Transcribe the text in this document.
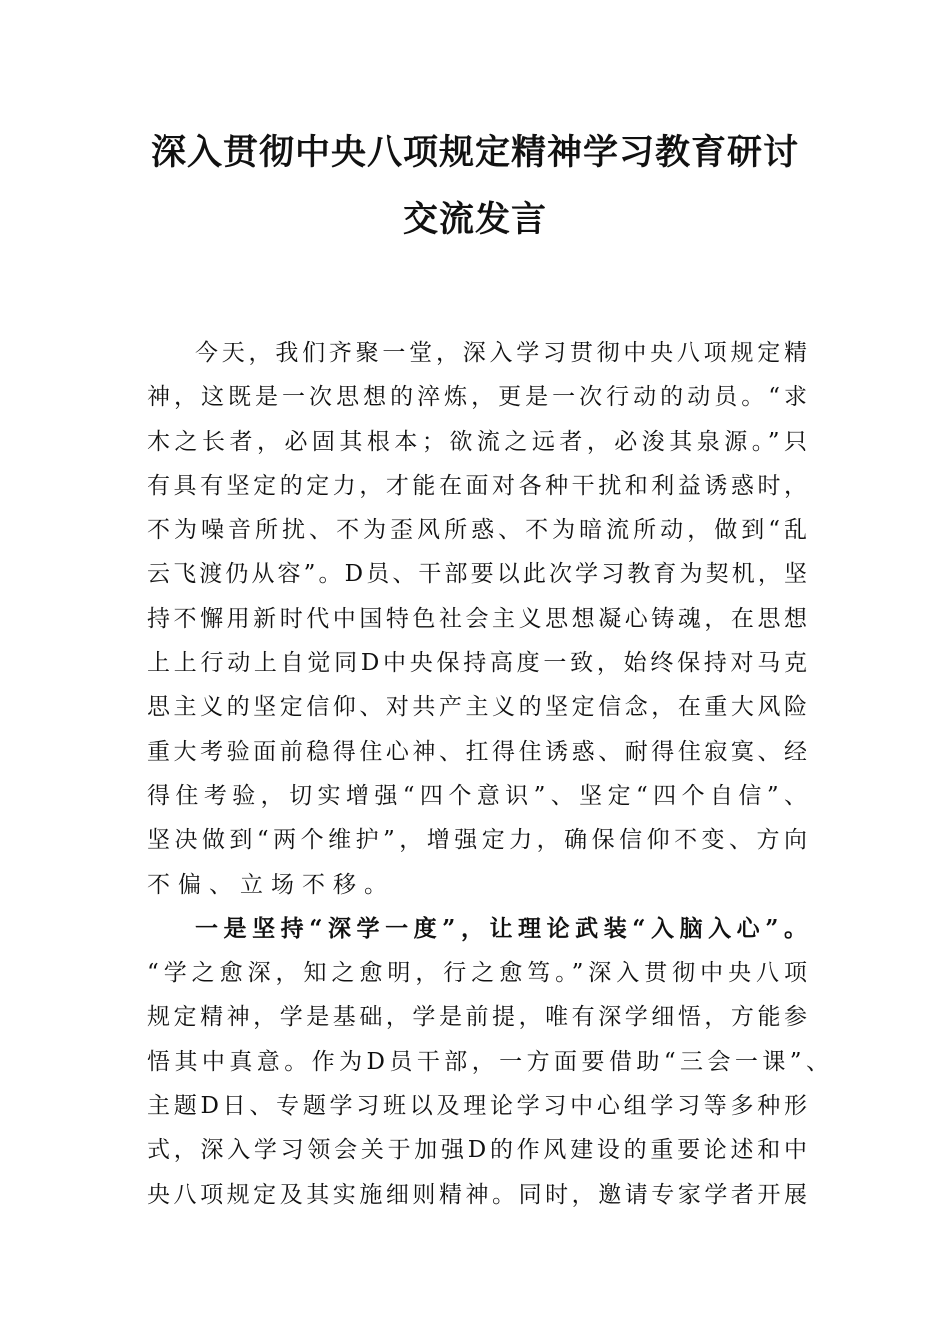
深入贯彻中央八项规定精神学习教育研讨
交流发言
今天，我们齐聚一堂，深入学习贯彻中央八项规定精
神，这既是一次思想的淬炼，更是一次行动的动员。“求
木之长者，必固其根本；欲流之远者，必浚其泉源。”只
有具有坚定的定力，才能在面对各种干扰和利益诱惑时，
不为噪音所扰、不为歪风所惑、不为暗流所动，做到“乱
云飞渡仍从容”。D员、干部要以此次学习教育为契机，坚
持不懈用新时代中国特色社会主义思想凝心铸魂，在思想
上上行动上自觉同D中央保持高度一致，始终保持对马克
思主义的坚定信仰、对共产主义的坚定信念，在重大风险
重大考验面前稳得住心神、扛得住诱惑、耐得住寂寞、经
得住考验，切实增强“四个意识”、坚定“四个自信”、
坚决做到“两个维护”，增强定力，确保信仰不变、方向
不偏、立场不移。
一是坚持“深学一度”，让理论武装“入脑入心”。
“学之愈深，知之愈明，行之愈笃。”深入贯彻中央八项
规定精神，学是基础，学是前提，唯有深学细悟，方能参
悟其中真意。作为D员干部，一方面要借助“三会一课”、
主题D日、专题学习班以及理论学习中心组学习等多种形
式，深入学习领会关于加强D的作风建设的重要论述和中
央八项规定及其实施细则精神。同时，邀请专家学者开展
